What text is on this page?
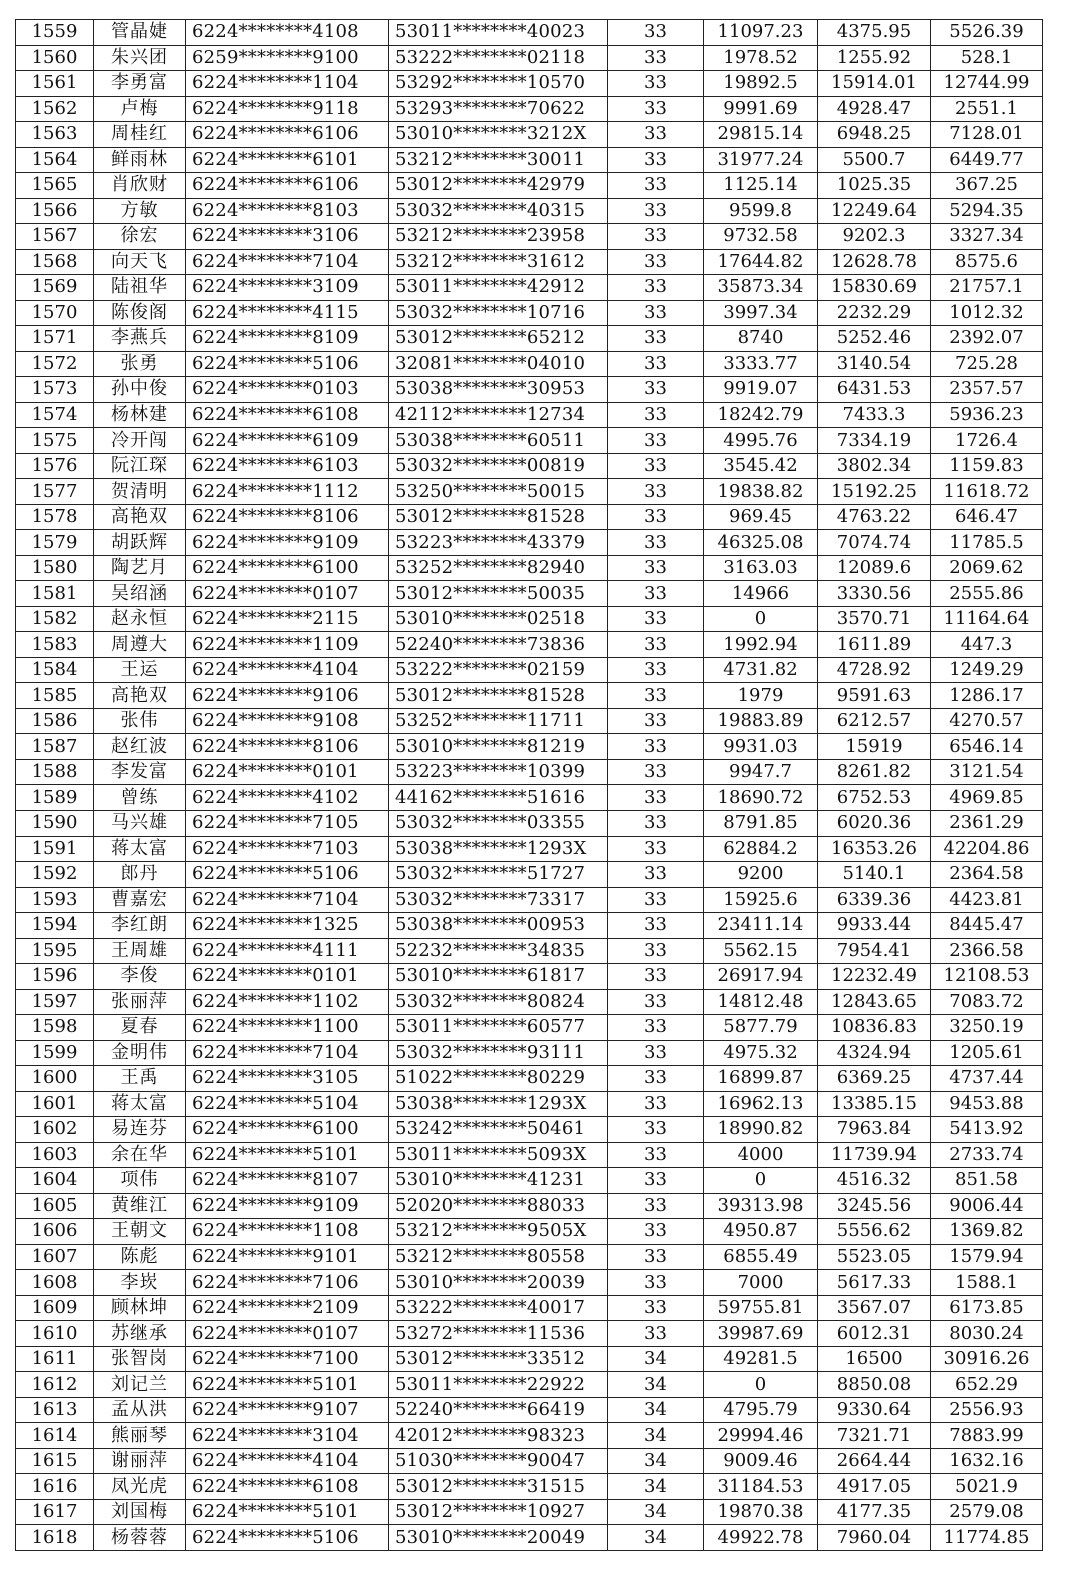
1559	管晶婕	6224********4108	53011********40023	33	11097.23	4375.95	5526.39
1560	朱兴团	6259********9100	53222********02118	33	1978.52	1255.92	528.1
1561	李勇富	6224********1104	53292********10570	33	19892.5	15914.01	12744.99
1562	卢梅	6224********9118	53293********70622	33	9991.69	4928.47	2551.1
1563	周桂红	6224********6106	53010********3212X	33	29815.14	6948.25	7128.01
1564	鲜雨林	6224********6101	53212********30011	33	31977.24	5500.7	6449.77
1565	肖欣财	6224********6106	53012********42979	33	1125.14	1025.35	367.25
1566	方敏	6224********8103	53032********40315	33	9599.8	12249.64	5294.35
1567	徐宏	6224********3106	53212********23958	33	9732.58	9202.3	3327.34
1568	向天飞	6224********7104	53212********31612	33	17644.82	12628.78	8575.6
1569	陆祖华	6224********3109	53011********42912	33	35873.34	15830.69	21757.1
1570	陈俊阁	6224********4115	53032********10716	33	3997.34	2232.29	1012.32
1571	李燕兵	6224********8109	53012********65212	33	8740	5252.46	2392.07
1572	张勇	6224********5106	32081********04010	33	3333.77	3140.54	725.28
1573	孙中俊	6224********0103	53038********30953	33	9919.07	6431.53	2357.57
1574	杨林建	6224********6108	42112********12734	33	18242.79	7433.3	5936.23
1575	冷开闯	6224********6109	53038********60511	33	4995.76	7334.19	1726.4
1576	阮江琛	6224********6103	53032********00819	33	3545.42	3802.34	1159.83
1577	贺清明	6224********1112	53250********50015	33	19838.82	15192.25	11618.72
1578	高艳双	6224********8106	53012********81528	33	969.45	4763.22	646.47
1579	胡跃辉	6224********9109	53223********43379	33	46325.08	7074.74	11785.5
1580	陶艺月	6224********6100	53252********82940	33	3163.03	12089.6	2069.62
1581	吴绍涵	6224********0107	53012********50035	33	14966	3330.56	2555.86
1582	赵永恒	6224********2115	53010********02518	33	0	3570.71	11164.64
1583	周遵大	6224********1109	52240********73836	33	1992.94	1611.89	447.3
1584	王运	6224********4104	53222********02159	33	4731.82	4728.92	1249.29
1585	高艳双	6224********9106	53012********81528	33	1979	9591.63	1286.17
1586	张伟	6224********9108	53252********11711	33	19883.89	6212.57	4270.57
1587	赵红波	6224********8106	53010********81219	33	9931.03	15919	6546.14
1588	李发富	6224********0101	53223********10399	33	9947.7	8261.82	3121.54
1589	曾练	6224********4102	44162********51616	33	18690.72	6752.53	4969.85
1590	马兴雄	6224********7105	53032********03355	33	8791.85	6020.36	2361.29
1591	蒋太富	6224********7103	53038********1293X	33	62884.2	16353.26	42204.86
1592	郎丹	6224********5106	53032********51727	33	9200	5140.1	2364.58
1593	曹嘉宏	6224********7104	53032********73317	33	15925.6	6339.36	4423.81
1594	李红朗	6224********1325	53038********00953	33	23411.14	9933.44	8445.47
1595	王周雄	6224********4111	52232********34835	33	5562.15	7954.41	2366.58
1596	李俊	6224********0101	53010********61817	33	26917.94	12232.49	12108.53
1597	张丽萍	6224********1102	53032********80824	33	14812.48	12843.65	7083.72
1598	夏春	6224********1100	53011********60577	33	5877.79	10836.83	3250.19
1599	金明伟	6224********7104	53032********93111	33	4975.32	4324.94	1205.61
1600	王禹	6224********3105	51022********80229	33	16899.87	6369.25	4737.44
1601	蒋太富	6224********5104	53038********1293X	33	16962.13	13385.15	9453.88
1602	易连芬	6224********6100	53242********50461	33	18990.82	7963.84	5413.92
1603	余在华	6224********5101	53011********5093X	33	4000	11739.94	2733.74
1604	项伟	6224********8107	53010********41231	33	0	4516.32	851.58
1605	黄维江	6224********9109	52020********88033	33	39313.98	3245.56	9006.44
1606	王朝文	6224********1108	53212********9505X	33	4950.87	5556.62	1369.82
1607	陈彪	6224********9101	53212********80558	33	6855.49	5523.05	1579.94
1608	李崁	6224********7106	53010********20039	33	7000	5617.33	1588.1
1609	顾林坤	6224********2109	53222********40017	33	59755.81	3567.07	6173.85
1610	苏继承	6224********0107	53272********11536	33	39987.69	6012.31	8030.24
1611	张智岗	6224********7100	53012********33512	34	49281.5	16500	30916.26
1612	刘记兰	6224********5101	53011********22922	34	0	8850.08	652.29
1613	孟从洪	6224********9107	52240********66419	34	4795.79	9330.64	2556.93
1614	熊丽琴	6224********3104	42012********98323	34	29994.46	7321.71	7883.99
1615	谢丽萍	6224********4104	51030********90047	34	9009.46	2664.44	1632.16
1616	凤光虎	6224********6108	53012********31515	34	31184.53	4917.05	5021.9
1617	刘国梅	6224********5101	53012********10927	34	19870.38	4177.35	2579.08
1618	杨蓉蓉	6224********5106	53010********20049	34	49922.78	7960.04	11774.85
